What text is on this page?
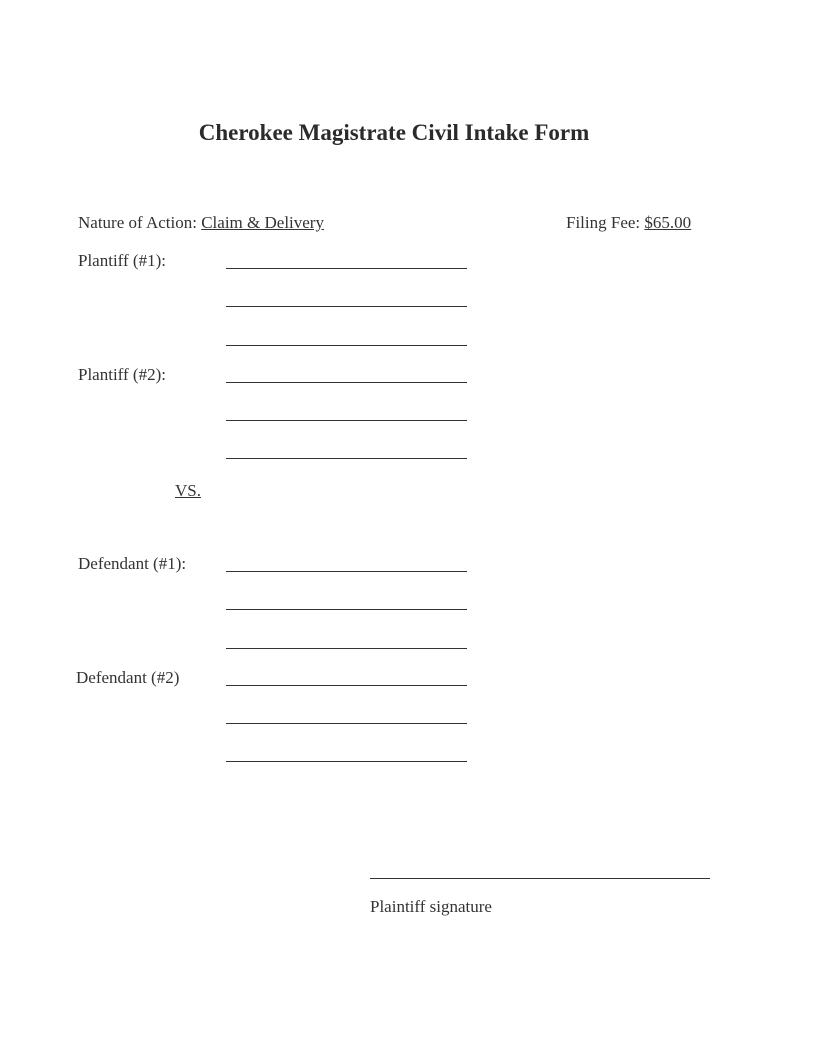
Cherokee Magistrate Civil Intake Form
Nature of Action: Claim & Delivery	Filing Fee: $65.00
Plantiff (#1):
Plantiff (#2):
VS.
Defendant (#1):
Defendant (#2)
Plaintiff signature
